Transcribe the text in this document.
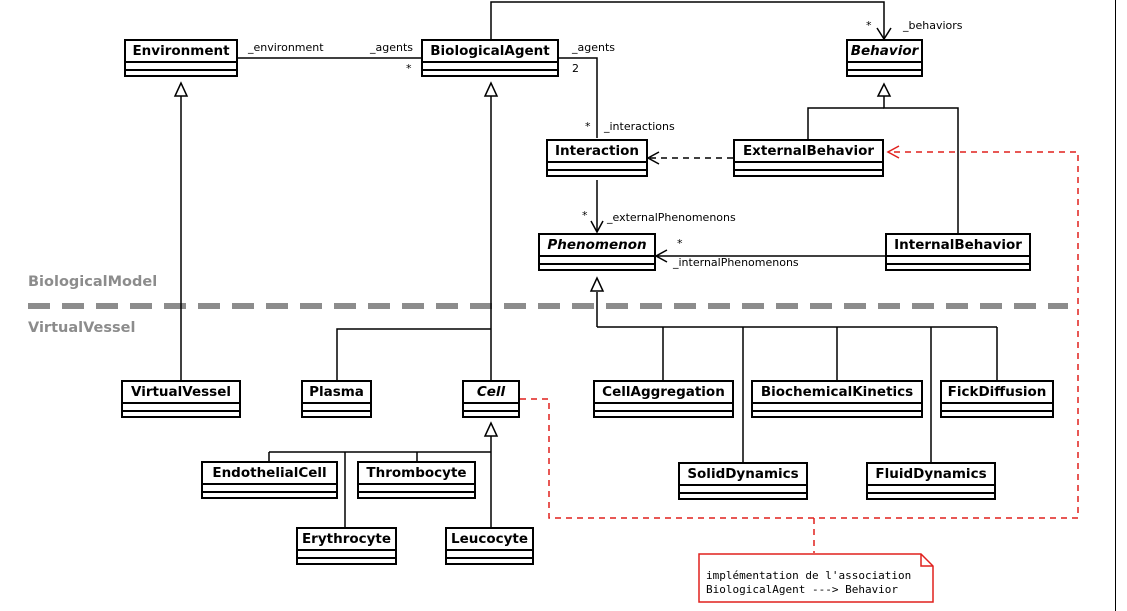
Environment	BiologicalAgent	Behavior
Interaction	ExternalBehavior
Phenomenon	InternalBehavior
VirtualVessel	Plasma	Cell	CellAggregation	BiochemicalKinetics	FickDiffusion
EndothelialCell	Thrombocyte	SolidDynamics	FluidDynamics
Erythrocyte	Leucocyte
_environment	_agents
*
_agents
2
*	_behaviors
* _interactions
* _externalPhenomenons
*
_internalPhenomenons
BiologicalModel
VirtualVessel
implémentation de l'association
BiologicalAgent ---> Behavior
